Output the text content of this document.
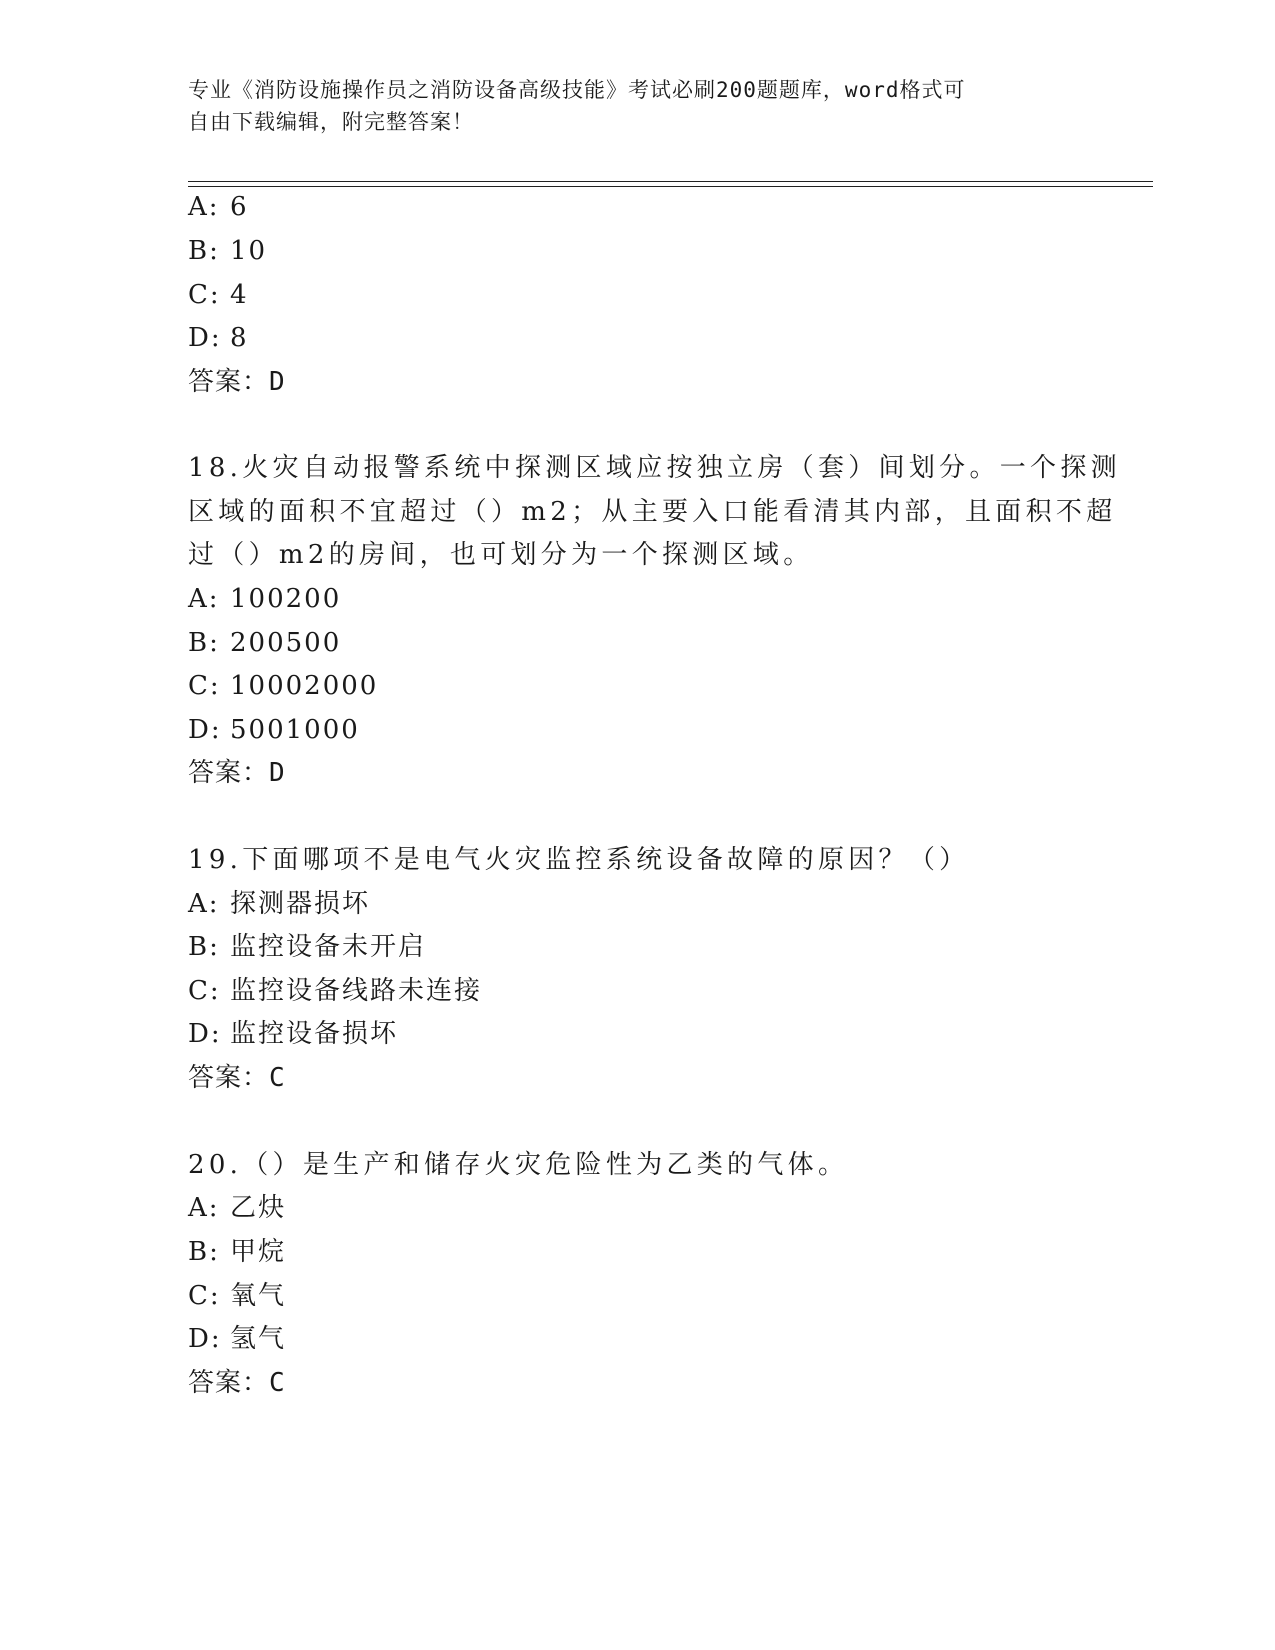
专业《消防设施操作员之消防设备高级技能》考试必刷200题题库，word格式可
自由下载编辑，附完整答案！
A: 6
B: 10
C: 4
D: 8
答案：D
18.火灾自动报警系统中探测区域应按独立房（套）间划分。一个探测
区域的面积不宜超过（）m2；从主要入口能看清其内部，且面积不超
过（）m2的房间，也可划分为一个探测区域。
A: 100200
B: 200500
C: 10002000
D: 5001000
答案：D
19.下面哪项不是电气火灾监控系统设备故障的原因？（）
A: 探测器损坏
B: 监控设备未开启
C: 监控设备线路未连接
D: 监控设备损坏
答案：C
20.（）是生产和储存火灾危险性为乙类的气体。
A: 乙炔
B: 甲烷
C: 氧气
D: 氢气
答案：C
